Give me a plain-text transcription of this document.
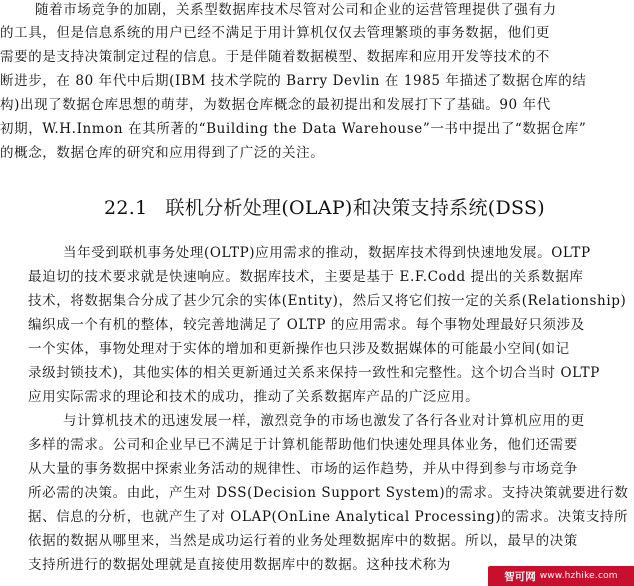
随着市场竞争的加剧，关系型数据库技术尽管对公司和企业的运营管理提供了强有力
的工具，但是信息系统的用户已经不满足于用计算机仅仅去管理繁琐的事务数据，他们更
需要的是支持决策制定过程的信息。于是伴随着数据模型、数据库和应用开发等技术的不
断进步，在 80 年代中后期(IBM 技术学院的 Barry Devlin 在 1985 年描述了数据仓库的结
构)出现了数据仓库思想的萌芽，为数据仓库概念的最初提出和发展打下了基础。90 年代
初期，W.H.Inmon 在其所著的“Building the Data Warehouse”一书中提出了“数据仓库”
的概念，数据仓库的研究和应用得到了广泛的关注。
22.1 联机分析处理(OLAP)和决策支持系统(DSS)
当年受到联机事务处理(OLTP)应用需求的推动，数据库技术得到快速地发展。OLTP
最迫切的技术要求就是快速响应。数据库技术，主要是基于 E.F.Codd 提出的关系数据库
技术，将数据集合分成了甚少冗余的实体(Entity)，然后又将它们按一定的关系(Relationship)
编织成一个有机的整体，较完善地满足了 OLTP 的应用需求。每个事物处理最好只须涉及
一个实体，事物处理对于实体的增加和更新操作也只涉及数据媒体的可能最小空间(如记
录级封锁技术)，其他实体的相关更新通过关系来保持一致性和完整性。这个切合当时 OLTP
应用实际需求的理论和技术的成功，推动了关系数据库产品的广泛应用。
与计算机技术的迅速发展一样，激烈竞争的市场也激发了各行各业对计算机应用的更
多样的需求。公司和企业早已不满足于计算机能帮助他们快速处理具体业务，他们还需要
从大量的事务数据中探索业务活动的规律性、市场的运作趋势，并从中得到参与市场竞争
所必需的决策。由此，产生对 DSS(Decision Support System)的需求。支持决策就要进行数
据、信息的分析，也就产生了对 OLAP(OnLine Analytical Processing)的需求。决策支持所
依据的数据从哪里来，当然是成功运行着的业务处理数据库中的数据。所以，最早的决策
支持所进行的数据处理就是直接使用数据库中的数据。这种技术称为
智可网 www.hzhike.com
